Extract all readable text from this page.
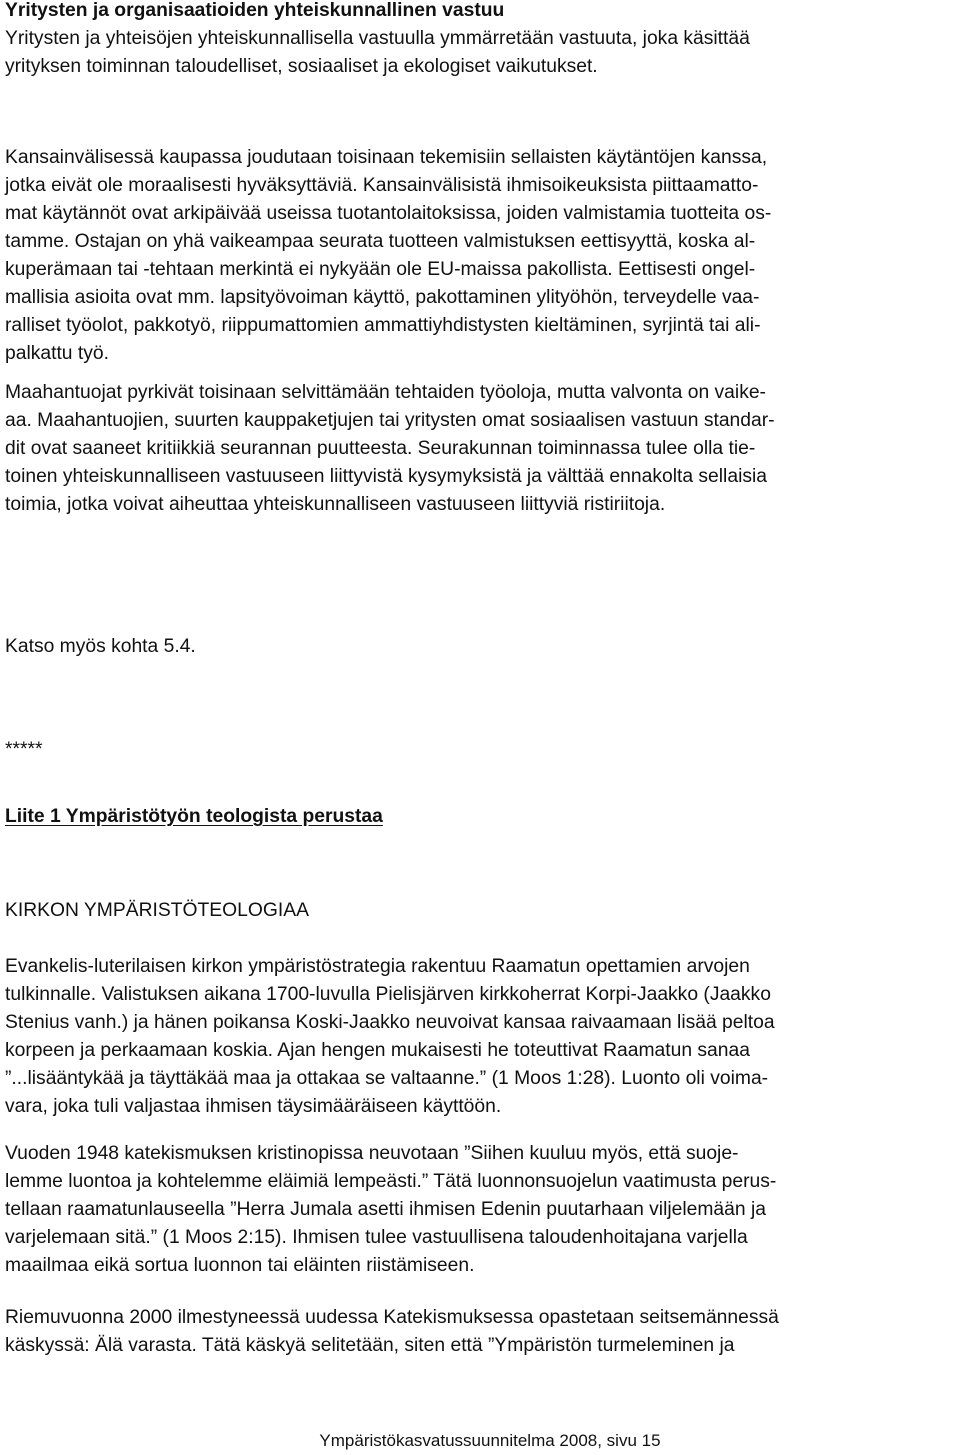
Yritysten ja organisaatioiden yhteiskunnallinen vastuu
Yritysten ja yhteisöjen yhteiskunnallisella vastuulla ymmärretään vastuuta, joka käsittää
yrityksen toiminnan taloudelliset, sosiaaliset ja ekologiset vaikutukset.
Kansainvälisessä kaupassa joudutaan toisinaan tekemisiin sellaisten käytäntöjen kanssa,
jotka eivät ole moraalisesti hyväksyttäviä. Kansainvälisistä ihmisoikeuksista piittaamatto-
mat käytännöt ovat arkipäivää useissa tuotantolaitoksissa, joiden valmistamia tuotteita os-
tamme. Ostajan on yhä vaikeampaa seurata tuotteen valmistuksen eettisyyttä, koska al-
kuperämaan tai -tehtaan merkintä ei nykyään ole EU-maissa pakollista. Eettisesti ongel-
mallisia asioita ovat mm. lapsityövoiman käyttö, pakottaminen ylityöhön, terveydelle vaa-
ralliset työolot, pakkotyö, riippumattomien ammattiyhdistysten kieltäminen, syrjintä tai ali-
palkattu työ.
Maahantuojat pyrkivät toisinaan selvittämään tehtaiden työoloja, mutta valvonta on vaike-
aa. Maahantuojien, suurten kauppaketjujen tai yritysten omat sosiaalisen vastuun standar-
dit ovat saaneet kritiikkiä seurannan puutteesta. Seurakunnan toiminnassa tulee olla tie-
toinen yhteiskunnalliseen vastuuseen liittyvistä kysymyksistä ja välttää ennakolta sellaisia
toimia, jotka voivat aiheuttaa yhteiskunnalliseen vastuuseen liittyviä ristiriitoja.
Katso myös kohta 5.4.
*****
Liite 1 Ympäristötyön teologista perustaa
KIRKON YMPÄRISTÖTEOLOGIAA
Evankelis-luterilaisen kirkon ympäristöstrategia rakentuu Raamatun opettamien arvojen
tulkinnalle. Valistuksen aikana 1700-luvulla Pielisjärven kirkkoherrat Korpi-Jaakko (Jaakko
Stenius vanh.) ja hänen poikansa Koski-Jaakko neuvoivat kansaa raivaamaan lisää peltoa
korpeen ja perkaamaan koskia. Ajan hengen mukaisesti he toteuttivat Raamatun sanaa
”...lisääntykää ja täyttäkää maa ja ottakaa se valtaanne.” (1 Moos 1:28). Luonto oli voima-
vara, joka tuli valjastaa ihmisen täysimääräiseen käyttöön.
Vuoden 1948 katekismuksen kristinopissa neuvotaan ”Siihen kuuluu myös, että suoje-
lemme luontoa ja kohtelemme eläimiä lempeästi.” Tätä luonnonsuojelun vaatimusta perus-
tellaan raamatunlauseella ”Herra Jumala asetti ihmisen Edenin puutarhaan viljelemään ja
varjelemaan sitä.” (1 Moos 2:15). Ihmisen tulee vastuullisena taloudenhoitajana varjella
maailmaa eikä sortua luonnon tai eläinten riistämiseen.
Riemuvuonna 2000 ilmestyneessä uudessa Katekismuksessa opastetaan seitsemännessä
käskyssä: Älä varasta. Tätä käskyä selitetään, siten että ”Ympäristön turmeleminen ja
Ympäristökasvatussuunnitelma 2008, sivu 15
